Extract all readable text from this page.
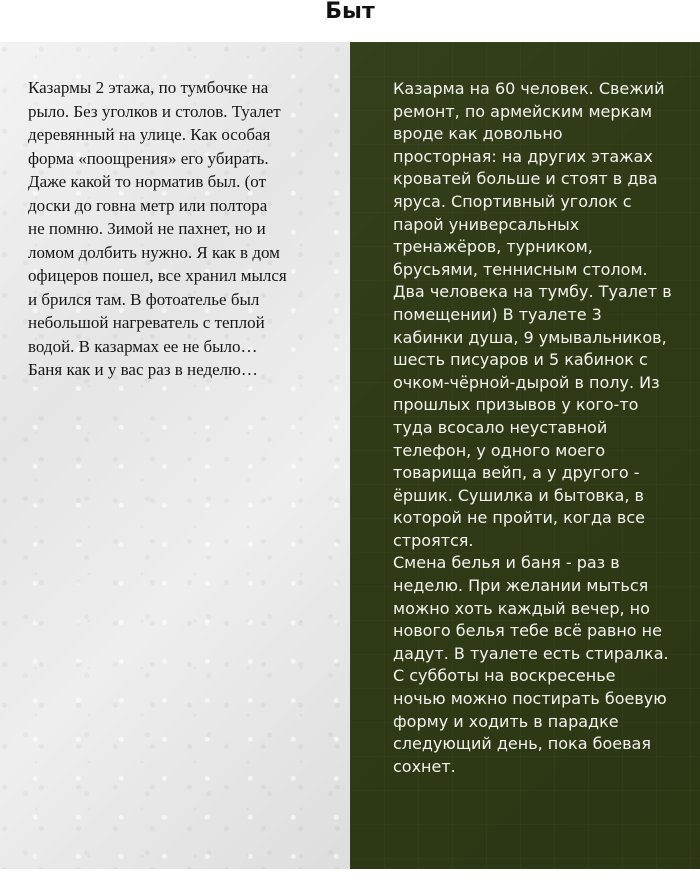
Быт

Казармы 2 этажа, по тумбочке на
рыло. Без уголков и столов. Туалет
деревянный на улице. Как особая
форма «поощрения» его убирать.
Даже какой то норматив был. (от
доски до говна метр или полтора
не помню. Зимой не пахнет, но и
ломом долбить нужно. Я как в дом
офицеров пошел, все хранил мылся
и брился там. В фотоателье был
небольшой нагреватель с теплой
водой. В казармах ее не было…
Баня как и у вас раз в неделю…

Казарма на 60 человек. Свежий
ремонт, по армейским меркам
вроде как довольно
просторная: на других этажах
кроватей больше и стоят в два
яруса. Спортивный уголок с
парой универсальных
тренажёров, турником,
брусьями, теннисным столом.
Два человека на тумбу. Туалет в
помещении) В туалете 3
кабинки душа, 9 умывальников,
шесть писуаров и 5 кабинок с
очком-чёрной-дырой в полу. Из
прошлых призывов у кого-то
туда всосало неуставной
телефон, у одного моего
товарища вейп, а у другого -
ёршик. Сушилка и бытовка, в
которой не пройти, когда все
строятся.
Смена белья и баня - раз в
неделю. При желании мыться
можно хоть каждый вечер, но
нового белья тебе всё равно не
дадут. В туалете есть стиралка.
С субботы на воскресенье
ночью можно постирать боевую
форму и ходить в парадке
следующий день, пока боевая
сохнет.
